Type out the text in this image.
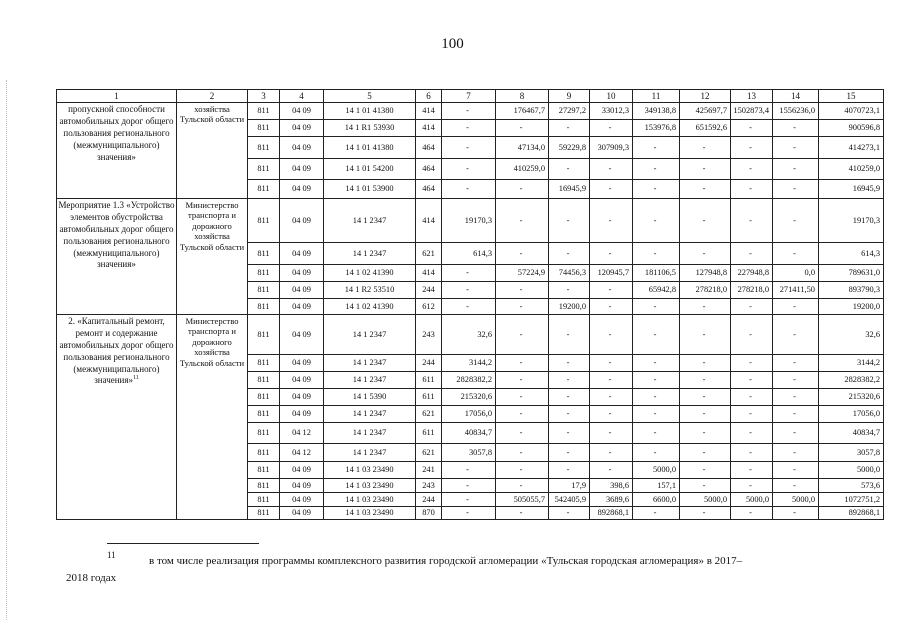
100
1	2	3	4	5	6	7	8	9	10	11	12	13	14	15
пропускной способности автомобильных дорог общего пользования регионального (межмуниципального) значения»	хозяйства Тульской области	811	04 09	14 1 01 41380	414	-	176467,7	27297,2	33012,3	349138,8	425697,7	1502873,4	1556236,0	4070723,1
		811	04 09	14 1 R1 53930	414	-	-	-	-	153976,8	651592,6	-	-	900596,8
		811	04 09	14 1 01 41380	464	-	47134,0	59229,8	307909,3	-	-	-	-	414273,1
		811	04 09	14 1 01 54200	464	-	410259,0	-	-	-	-	-	-	410259,0
		811	04 09	14 1 01 53900	464	-	-	16945,9	-	-	-	-	-	16945,9
Мероприятие 1.3 «Устройство элементов обустройства автомобильных дорог общего пользования регионального (межмуниципального) значения»	Министерство транспорта и дорожного хозяйства Тульской области	811	04 09	14 1 2347	414	19170,3	-	-	-	-	-	-	-	19170,3
		811	04 09	14 1 2347	621	614,3	-	-	-	-	-	-	-	614,3
		811	04 09	14 1 02 41390	414	-	57224,9	74456,3	120945,7	181106,5	127948,8	227948,8	0,0	789631,0
		811	04 09	14 1 R2 53510	244	-	-	-	-	65942,8	278218,0	278218,0	271411,50	893790,3
		811	04 09	14 1 02 41390	612	-	-	19200,0	-	-	-	-	-	19200,0
2. «Капитальный ремонт, ремонт и содержание автомобильных дорог общего пользования регионального (межмуниципального) значения»$^{11}$	Министерство транспорта и дорожного хозяйства Тульской области	811	04 09	14 1 2347	243	32,6	-	-	-	-	-	-	-	32,6
		811	04 09	14 1 2347	244	3144,2	-	-	-	-	-	-	-	3144,2
		811	04 09	14 1 2347	611	2828382,2	-	-	-	-	-	-	-	2828382,2
		811	04 09	14 1 5390	611	215320,6	-	-	-	-	-	-	-	215320,6
		811	04 09	14 1 2347	621	17056,0	-	-	-	-	-	-	-	17056,0
		811	04 12	14 1 2347	611	40834,7	-	-	-	-	-	-	-	40834,7
		811	04 12	14 1 2347	621	3057,8	-	-	-	-	-	-	-	3057,8
		811	04 09	14 1 03 23490	241	-	-	-	-	5000,0	-	-	-	5000,0
		811	04 09	14 1 03 23490	243	-	-	17,9	398,6	157,1	-	-	-	573,6
		811	04 09	14 1 03 23490	244	-	505055,7	542405,9	3689,6	6600,0	5000,0	5000,0	5000,0	1072751,2
		811	04 09	14 1 03 23490	870	-	-	-	892868,1	-	-	-	-	892868,1
11	в том числе реализация программы комплексного развития городской агломерации «Тульская городская агломерация» в 2017–
2018 годах
